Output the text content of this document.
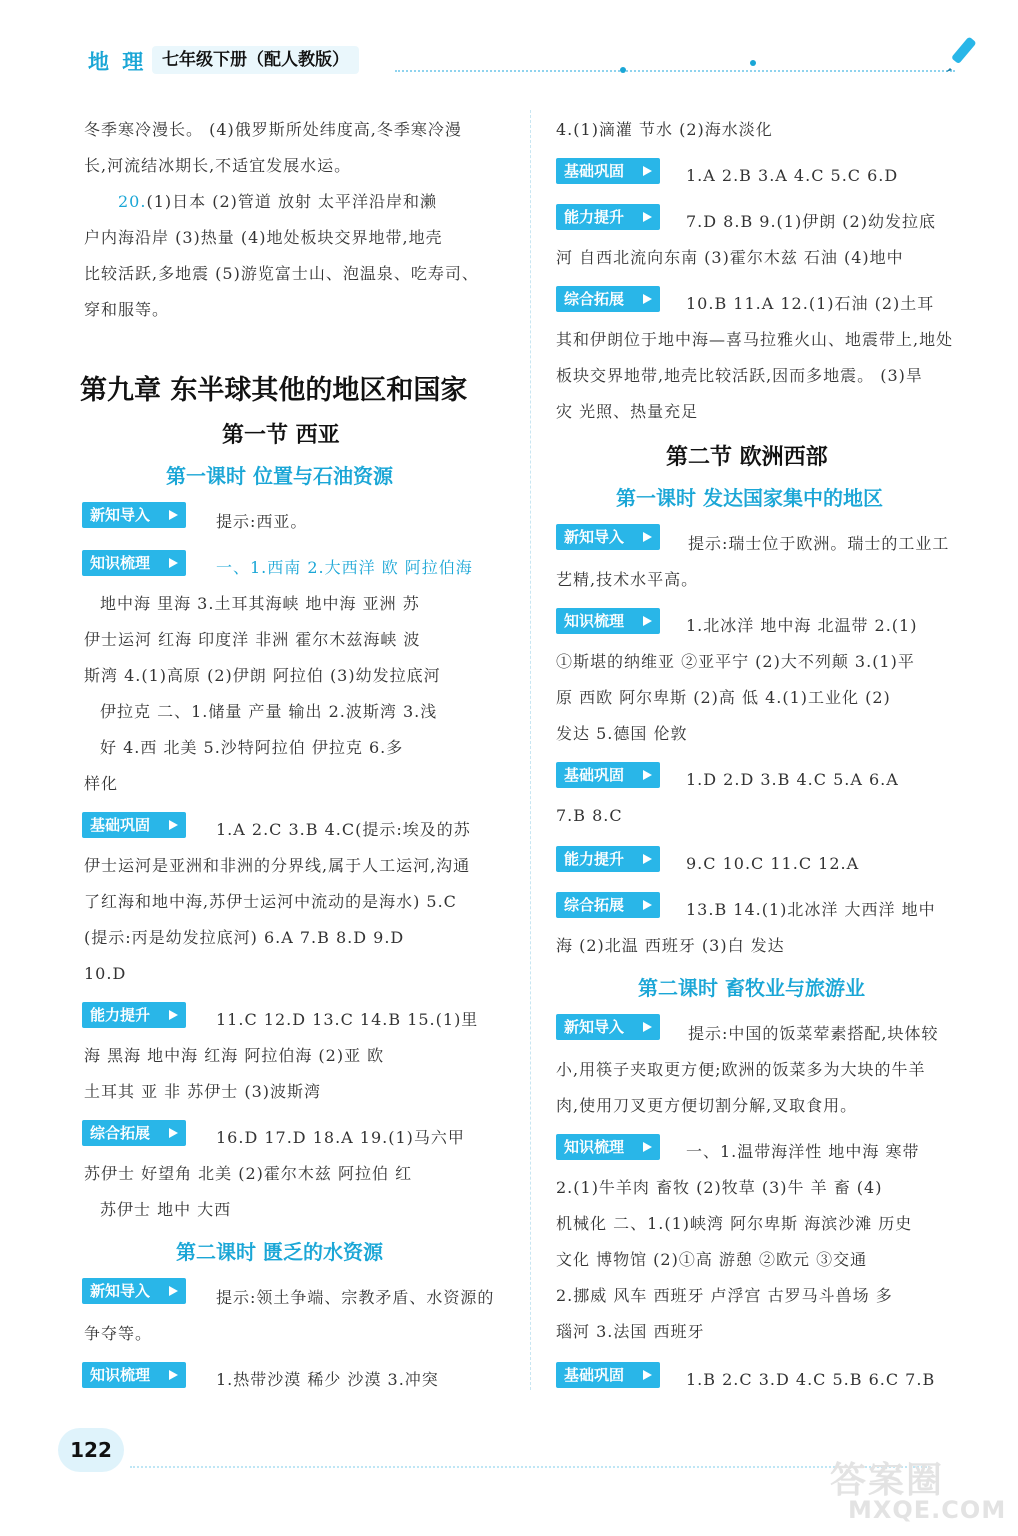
地 理 七年级下册（配人教版）
冬季寒冷漫长。 (4)俄罗斯所处纬度高,冬季寒冷漫
长,河流结冰期长,不适宜发展水运。
20.(1)日本 (2)管道 放射 太平洋沿岸和濑
户内海沿岸 (3)热量 (4)地处板块交界地带,地壳
比较活跃,多地震 (5)游览富士山、泡温泉、吃寿司、
穿和服等。
第九章 东半球其他的地区和国家
第一节 西亚
第一课时 位置与石油资源
新知导入	提示:西亚。
知识梳理	一、1.西南 2.大西洋 欧 阿拉伯海
地中海 里海 3.土耳其海峡 地中海 亚洲 苏
伊士运河 红海 印度洋 非洲 霍尔木兹海峡 波
斯湾 4.(1)高原 (2)伊朗 阿拉伯 (3)幼发拉底河
伊拉克 二、1.储量 产量 输出 2.波斯湾 3.浅
好 4.西 北美 5.沙特阿拉伯 伊拉克 6.多
样化
基础巩固	1.A 2.C 3.B 4.C(提示:埃及的苏
伊士运河是亚洲和非洲的分界线,属于人工运河,沟通
了红海和地中海,苏伊士运河中流动的是海水) 5.C
(提示:丙是幼发拉底河) 6.A 7.B 8.D 9.D
10.D
能力提升	11.C 12.D 13.C 14.B 15.(1)里
海 黑海 地中海 红海 阿拉伯海 (2)亚 欧
土耳其 亚 非 苏伊士 (3)波斯湾
综合拓展	16.D 17.D 18.A 19.(1)马六甲
苏伊士 好望角 北美 (2)霍尔木兹 阿拉伯 红
苏伊士 地中 大西
第二课时 匮乏的水资源
新知导入	提示:领土争端、宗教矛盾、水资源的
争夺等。
知识梳理	1.热带沙漠 稀少 沙漠 3.冲突
4.(1)滴灌 节水 (2)海水淡化
基础巩固	1.A 2.B 3.A 4.C 5.C 6.D
能力提升	7.D 8.B 9.(1)伊朗 (2)幼发拉底
河 自西北流向东南 (3)霍尔木兹 石油 (4)地中
综合拓展	10.B 11.A 12.(1)石油 (2)土耳
其和伊朗位于地中海—喜马拉雅火山、地震带上,地处
板块交界地带,地壳比较活跃,因而多地震。 (3)旱
灾 光照、热量充足
第二节 欧洲西部
第一课时 发达国家集中的地区
新知导入	提示:瑞士位于欧洲。瑞士的工业工
艺精,技术水平高。
知识梳理	1.北冰洋 地中海 北温带 2.(1)
①斯堪的纳维亚 ②亚平宁 (2)大不列颠 3.(1)平
原 西欧 阿尔卑斯 (2)高 低 4.(1)工业化 (2)
发达 5.德国 伦敦
基础巩固	1.D 2.D 3.B 4.C 5.A 6.A
7.B 8.C
能力提升	9.C 10.C 11.C 12.A
综合拓展	13.B 14.(1)北冰洋 大西洋 地中
海 (2)北温 西班牙 (3)白 发达
第二课时 畜牧业与旅游业
新知导入	提示:中国的饭菜荤素搭配,块体较
小,用筷子夹取更方便;欧洲的饭菜多为大块的牛羊
肉,使用刀叉更方便切割分解,叉取食用。
知识梳理	一、1.温带海洋性 地中海 寒带
2.(1)牛羊肉 畜牧 (2)牧草 (3)牛 羊 畜 (4)
机械化 二、1.(1)峡湾 阿尔卑斯 海滨沙滩 历史
文化 博物馆 (2)①高 游憩 ②欧元 ③交通
2.挪威 风车 西班牙 卢浮宫 古罗马斗兽场 多
瑙河 3.法国 西班牙
基础巩固	1.B 2.C 3.D 4.C 5.B 6.C 7.B
122
答案圈
MXQE.COM
